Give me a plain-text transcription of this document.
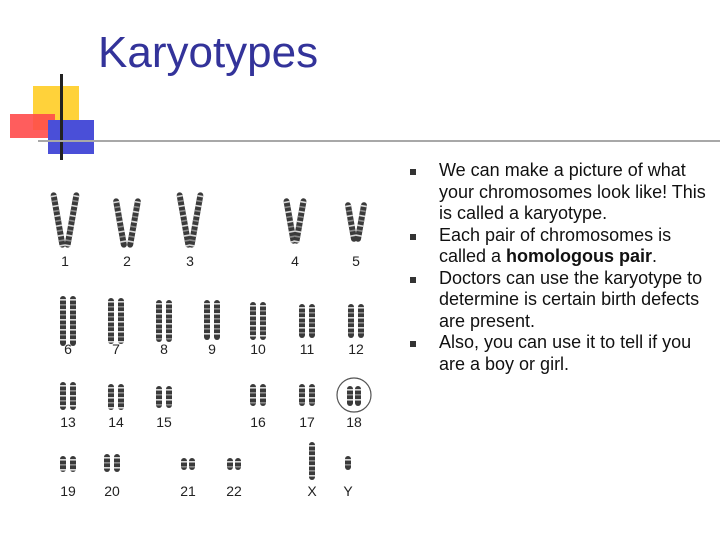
Karyotypes
1	2	3	4	5
6	7	8	9 10 11 12
13 14 15	16 17 18
19 20	21 22	X Y
We can make a picture of what your chromosomes look like! This is called a karyotype.
Each pair of chromosomes is called a homologous pair.
Doctors can use the karyotype to determine is certain birth defects are present.
Also, you can use it to tell if you are a boy or girl.
